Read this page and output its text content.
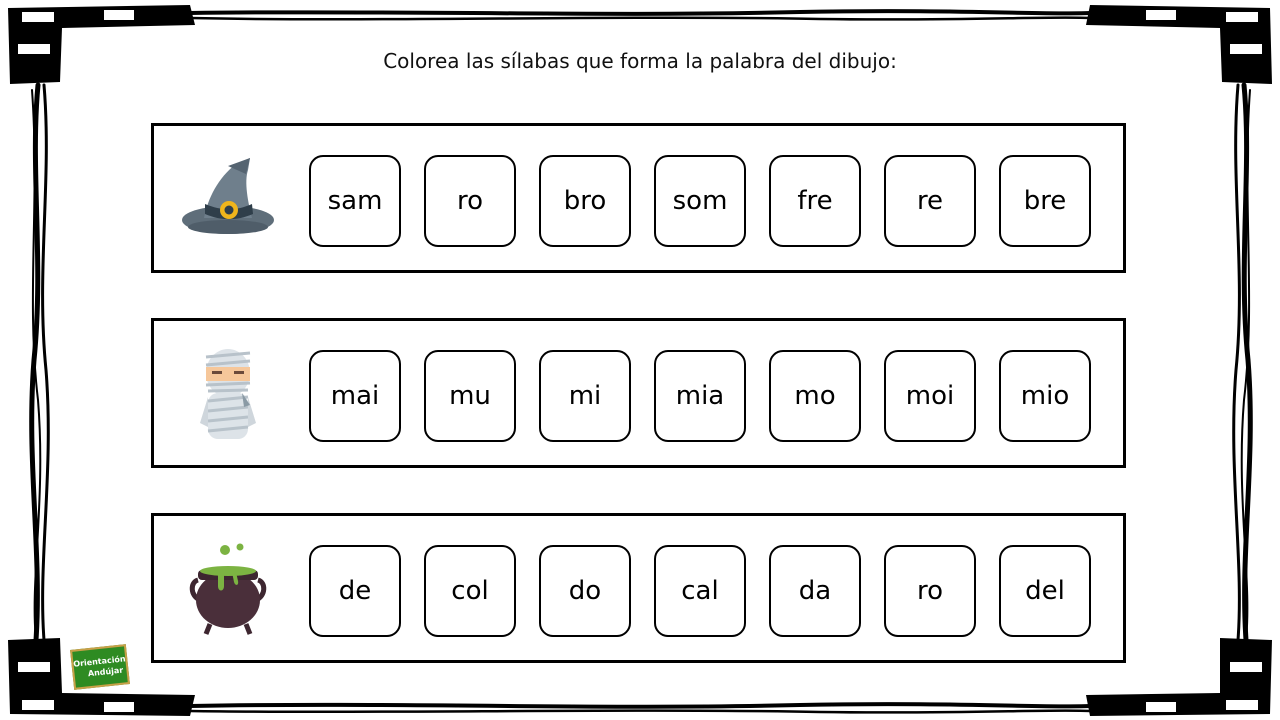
Colorea las sílabas que forma la palabra del dibujo:
sam	ro	bro	som	fre	re	bre
mai	mu	mi	mia	mo	moi	mio
de	col	do	cal	da	ro	del
Orientación
Andújar
